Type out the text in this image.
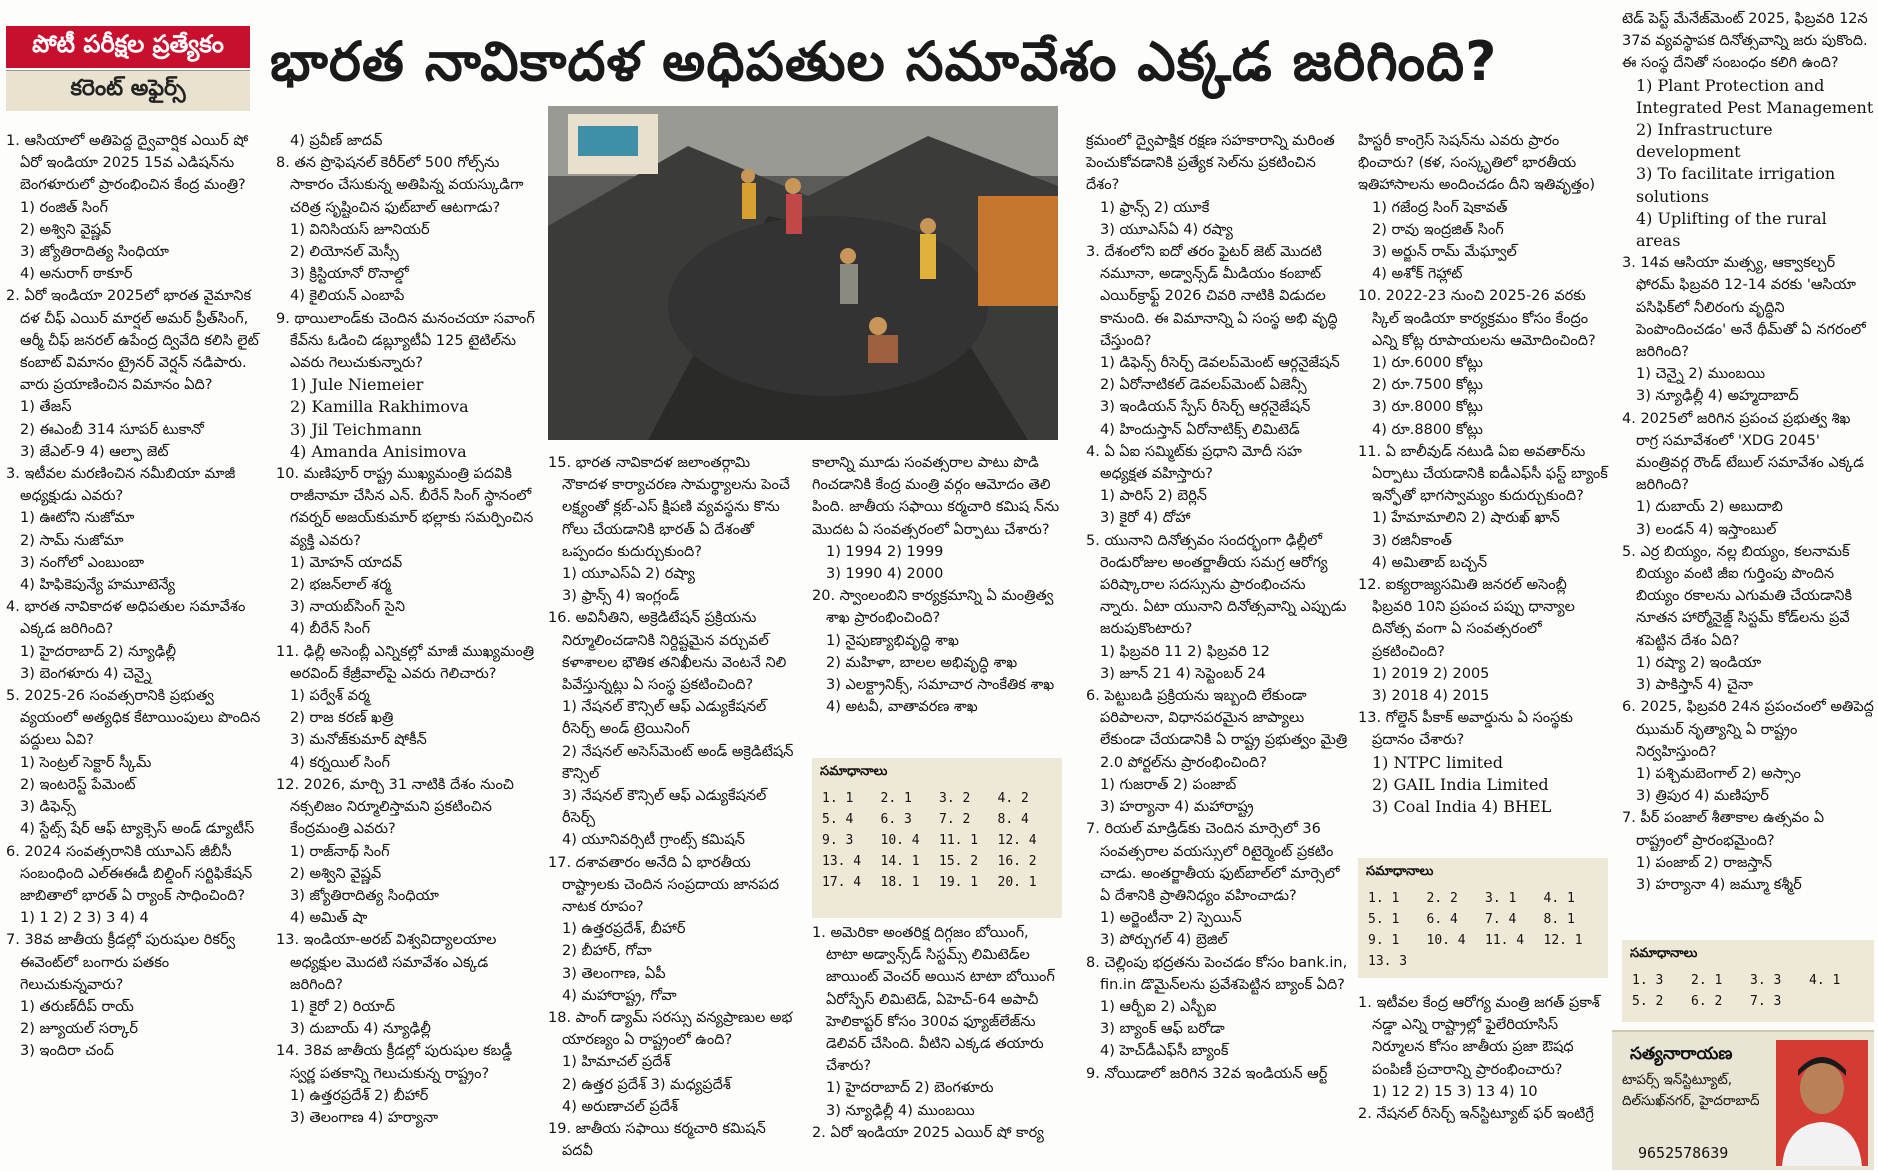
పోటీ పరీక్షల ప్రత్యేకం
కరెంట్ అఫైర్స్	భారత నావికాదళ అధిపతుల సమావేశం ఎక్కడ జరిగింది?

1. ఆసియాలో అతిపెద్ద ద్వైవార్షిక ఎయిర్ షో ఏరో ఇండియా 2025 15వ ఎడిషన్‌ను బెంగళూరులో ప్రారంభించిన కేంద్ర మంత్రి?

1) రంజిత్ సింగ్

2) అశ్విని వైష్ణవ్

3) జ్యోతిరాదిత్య సింధియా

4) అనురాగ్ ఠాకూర్

2. ఏరో ఇండియా 2025లో భారత వైమానిక దళ చీఫ్ ఎయిర్ మార్షల్ అమర్ ప్రీత్‌సింగ్, ఆర్మీ చీఫ్ జనరల్ ఉపేంద్ర ద్వివేది కలిసి లైట్ కంబాట్ విమానం ట్రైనర్ వెర్షన్ నడిపారు. వారు ప్రయాణించిన విమానం ఏది?

1) తేజస్

2) ఈఎంబీ 314 సూపర్ టుకానో

3) జేఎల్-9 4) ఆల్ఫా జెట్

3. ఇటీవల మరణించిన నమీబియా మాజీ అధ్యక్షుడు ఎవరు?

1) ఊటోని నుజోమా

2) సామ్ నుజోమా

3) నంగోలో ఎంబుంబా

4) హిఫికెపున్యే హమూటెన్యే

4. భారత నావికాదళ అధిపతుల సమావేశం ఎక్కడ జరిగింది?

1) హైదరాబాద్ 2) న్యూఢిల్లీ

3) బెంగళూరు 4) చెన్నై

5. 2025-26 సంవత్సరానికి ప్రభుత్వ వ్యయంలో అత్యధిక కేటాయింపులు పొందిన పద్దులు ఏవి?

1) సెంట్రల్ సెక్టార్ స్కీమ్

2) ఇంటరెస్ట్ పేమెంట్

3) డిఫెన్స్

4) స్టేట్స్ షేర్ ఆఫ్ ట్యాక్సెస్ అండ్ డ్యూటీస్

6. 2024 సంవత్సరానికి యూఎస్ జీబీసీ సంబంధింది ఎల్ఈఈడీ బిల్డింగ్ సర్టిఫికేషన్ జాబితాలో భారత్ ఏ ర్యాంక్ సాధించింది?

1) 1 2) 2 3) 3 4) 4

7. 38వ జాతీయ క్రీడల్లో పురుషుల రికర్వ్ ఈవెంట్‌లో బంగారు పతకం గెలుచుకున్నవారు?

1) తరుణ్‌దీప్ రాయ్

2) జ్యూయల్ సర్కార్

3) ఇందిరా చంద్

4) ప్రవీణ్ జాదవ్

8. తన ప్రొఫెషనల్ కెరీర్‌లో 500 గోల్స్‌ను సాకారం చేసుకున్న అతిపిన్న వయస్కుడిగా చరిత్ర సృష్టించిన ఫుట్‌బాల్ ఆటగాడు?

1) వినిసియస్ జూనియర్

2) లియోనల్ మెస్సీ

3) క్రిస్టియానో రొనాల్డో

4) కైలియన్ ఎంబాపే

9. థాయిలాండ్‌కు చెందిన మనంచయా సవాంగ్ కేవ్‌ను ఓడించి డబ్ల్యూటీఏ 125 టైటిల్‌ను ఎవరు గెలుచుకున్నారు?

1) Jule Niemeier

2) Kamilla Rakhimova

3) Jil Teichmann

4) Amanda Anisimova

10. మణిపూర్ రాష్ట్ర ముఖ్యమంత్రి పదవికి రాజీనామా చేసిన ఎన్. బీరేన్ సింగ్ స్థానంలో గవర్నర్ అజయ్‌కుమార్ భల్లాకు సమర్పించిన వ్యక్తి ఎవరు?

1) మోహన్ యాదవ్

2) భజన్‌లాల్ శర్మ

3) నాయబ్‌సింగ్ సైని

4) బీరేన్ సింగ్

11. ఢిల్లీ అసెంబ్లీ ఎన్నికల్లో మాజీ ముఖ్యమంత్రి అరవింద్ కేజ్రీవాల్‌పై ఎవరు గెలిచారు?

1) పర్వేశ్ వర్మ

2) రాజ కరణ్ ఖత్రి

3) మనోజ్‌కుమార్ షోకీన్

4) కర్నయిల్ సింగ్

12. 2026, మార్చి 31 నాటికి దేశం నుంచి నక్సలిజం నిర్మూలిస్తామని ప్రకటించిన కేంద్రమంత్రి ఎవరు?

1) రాజ్‌నాథ్ సింగ్

2) అశ్విని వైష్ణవ్

3) జ్యోతిరాదిత్య సింధియా

4) అమిత్ షా

13. ఇండియా-అరబ్ విశ్వవిద్యాలయాల అధ్యక్షుల మొదటి సమావేశం ఎక్కడ జరిగింది?

1) కైరో 2) రియాద్

3) దుబాయ్ 4) న్యూఢిల్లీ

14. 38వ జాతీయ క్రీడల్లో పురుషుల కబడ్డీ స్వర్ణ పతకాన్ని గెలుచుకున్న రాష్ట్రం?

1) ఉత్తరప్రదేశ్ 2) బీహార్

3) తెలంగాణ 4) హర్యానా

15. భారత నావికాదళ జలాంతర్గామి నౌకాదళ కార్యాచరణ సామర్థ్యాలను పెంచే లక్ష్యంతో క్లబ్-ఎస్ క్షిపణి వ్యవస్థను కొను గోలు చేయడానికి భారత్ ఏ దేశంతో ఒప్పందం కుదుర్చుకుంది?

1) యూఎస్ఏ 2) రష్యా

3) ఫ్రాన్స్ 4) ఇంగ్లండ్

16. అవినీతిని, అక్రెడిటేషన్ ప్రక్రియను నిర్మూలించడానికి నిర్దిష్టమైన వర్చువల్ కళాశాలల భౌతిక తనిఖీలను వెంటనే నిలి పివేస్తున్నట్లు ఏ సంస్థ ప్రకటించింది?

1) నేషనల్ కౌన్సిల్ ఆఫ్ ఎడ్యుకేషనల్ రీసెర్చ్ అండ్ ట్రెయినింగ్

2) నేషనల్ అసెస్‌మెంట్ అండ్ అక్రెడిటేషన్ కౌన్సిల్

3) నేషనల్ కౌన్సిల్ ఆఫ్ ఎడ్యుకేషనల్ రీసెర్చ్

4) యూనివర్సిటీ గ్రాంట్స్ కమిషన్

17. దశావతారం అనేది ఏ భారతీయ రాష్ట్రాలకు చెందిన సంప్రదాయ జానపద నాటక రూపం?

1) ఉత్తరప్రదేశ్, బీహార్

2) బీహార్, గోవా

3) తెలంగాణ, ఏపీ

4) మహారాష్ట్ర, గోవా

18. పాంగ్ డ్యామ్ సరస్సు వన్యప్రాణుల అభ యారణ్యం ఏ రాష్ట్రంలో ఉంది?

1) హిమాచల్ ప్రదేశ్

2) ఉత్తర ప్రదేశ్ 3) మధ్యప్రదేశ్

4) అరుణాచల్ ప్రదేశ్

19. జాతీయ సఫాయి కర్మచారి కమిషన్ పదవీ

కాలాన్ని మూడు సంవత్సరాల పాటు పొడి గించడానికి కేంద్ర మంత్రి వర్గం ఆమోదం తెలి పింది. జాతీయ సఫాయి కర్మచారి కమిష న్‌ను మొదట ఏ సంవత్సరంలో ఏర్పాటు చేశారు?

1) 1994 2) 1999

3) 1990 4) 2000

20. స్వాంలంబిని కార్యక్రమాన్ని ఏ మంత్రిత్వ శాఖ ప్రారంభించింది?

1) నైపుణ్యాభివృద్ధి శాఖ

2) మహిళా, బాలల అభివృద్ధి శాఖ

3) ఎలక్ట్రానిక్స్, సమాచార సాంకేతిక శాఖ

4) అటవీ, వాతావరణ శాఖ

సమాధానాలు
1. 1	2. 1	3. 2	4. 2
5. 4	6. 3	7. 2	8. 4
9. 3	10. 4	11. 1	12. 4
13. 4	14. 1	15. 2	16. 2
17. 4	18. 1	19. 1	20. 1

1. అమెరికా అంతరిక్ష దిగ్గజం బోయింగ్, టాటా అడ్వాన్స్‌డ్ సిస్టమ్స్ లిమిటెడ్‌ల జాయింట్ వెంచర్ అయిన టాటా బోయింగ్ ఏరోస్పేస్ లిమిటెడ్, ఏహెచ్-64 అపాచీ హెలికాప్టర్ కోసం 300వ ఫ్యూజ్‌లేజ్‌ను డెలివర్ చేసింది. వీటిని ఎక్కడ తయారు చేశారు?

1) హైదరాబాద్ 2) బెంగళూరు

3) న్యూఢిల్లీ 4) ముంబయి

2. ఏరో ఇండియా 2025 ఎయిర్ షో కార్య

క్రమంలో ద్వైపాక్షిక రక్షణ సహకారాన్ని మరింత పెంచుకోవడానికి ప్రత్యేక సెల్‌ను ప్రకటించిన దేశం?

1) ఫ్రాన్స్ 2) యూకే

3) యూఎస్ఏ 4) రష్యా

3. దేశంలోని ఐదో తరం ఫైటర్ జెట్ మొదటి నమూనా, అడ్వాన్స్‌డ్ మీడియం కంబాట్ ఎయిర్‌క్రాఫ్ట్ 2026 చివరి నాటికి విడుదల కానుంది. ఈ విమానాన్ని ఏ సంస్థ అభి వృద్ధి చేస్తుంది?

1) డిఫెన్స్ రీసెర్చ్ డెవలప్‌మెంట్ ఆర్గనైజేషన్

2) ఏరోనాటికల్ డెవలప్‌మెంట్ ఏజెన్సీ

3) ఇండియన్ స్పేస్ రీసెర్చ్ ఆర్గనైజేషన్

4) హిందుస్తాన్ ఏరోనాటిక్స్ లిమిటెడ్

4. ఏ ఏఐ సమ్మిట్‌కు ప్రధాని మోదీ సహ అధ్యక్షత వహిస్తారు?

1) పారిస్ 2) బెర్లిన్

3) కైరో 4) దోహా

5. యునాని దినోత్సవం సందర్భంగా ఢిల్లీలో రెండురోజుల అంతర్జాతీయ సమగ్ర ఆరోగ్య పరిష్కారాల సదస్సును ప్రారంభించను న్నారు. ఏటా యునాని దినోత్సవాన్ని ఎప్పుడు జరుపుకొంటారు?

1) ఫిబ్రవరి 11 2) ఫిబ్రవరి 12

3) జూన్ 21 4) సెప్టెంబర్ 24

6. పెట్టుబడి ప్రక్రియను ఇబ్బంది లేకుండా పరిపాలనా, విధానపరమైన జాప్యాలు లేకుండా చేయడానికి ఏ రాష్ట్ర ప్రభుత్వం మైత్రి 2.0 పోర్టల్‌ను ప్రారంభించింది?

1) గుజరాత్ 2) పంజాబ్

3) హర్యానా 4) మహారాష్ట్ర

7. రియల్ మాడ్రిడ్‌కు చెందిన మార్సెలో 36 సంవత్సరాల వయస్సులో రిటైర్మెంట్ ప్రకటిం చాడు. అంతర్జాతీయ ఫుట్‌బాల్‌లో మార్సెలో ఏ దేశానికి ప్రాతినిధ్యం వహించాడు?

1) అర్జెంటీనా 2) స్పెయిన్

3) పోర్చుగల్ 4) బ్రెజిల్

8. చెల్లింపు భద్రతను పెంచడం కోసం bank.in, fin.in డొమైన్‌లను ప్రవేశపెట్టిన బ్యాంక్ ఏది?

1) ఆర్బీఐ 2) ఎస్బీఐ

3) బ్యాంక్ ఆఫ్ బరోడా

4) హెచ్‌డీఎఫ్‌సీ బ్యాంక్

9. నోయిడాలో జరిగిన 32వ ఇండియన్ ఆర్ట్

హిస్టరీ కాంగ్రెస్ సెషన్‌ను ఎవరు ప్రారం భించారు? (కళ, సంస్కృతిలో భారతీయ ఇతిహాసాలను అందించడం దీని ఇతివృత్తం)

1) గజేంద్ర సింగ్ షెకావత్

2) రావు ఇంద్రజిత్ సింగ్

3) అర్జున్ రామ్ మేఘ్వాల్

4) అశోక్ గెహ్లాట్

10. 2022-23 నుంచి 2025-26 వరకు స్కిల్ ఇండియా కార్యక్రమం కోసం కేంద్రం ఎన్ని కోట్ల రూపాయలను ఆమోదించింది?

1) రూ.6000 కోట్లు

2) రూ.7500 కోట్లు

3) రూ.8000 కోట్లు

4) రూ.8800 కోట్లు

11. ఏ బాలీవుడ్ నటుడి ఏఐ అవతార్‌ను ఏర్పాటు చేయడానికి ఐడీఎఫ్‌సీ ఫస్ట్ బ్యాంక్ ఇన్ఫోతో భాగస్వామ్యం కుదుర్చుకుంది?

1) హేమామాలిని 2) షారుఖ్ ఖాన్

3) రజినీకాంత్

4) అమితాబ్ బచ్చన్

12. ఐక్యరాజ్యసమితి జనరల్ అసెంబ్లీ ఫిబ్రవరి 10ని ప్రపంచ పప్పు ధాన్యాల దినోత్స వంగా ఏ సంవత్సరంలో ప్రకటించింది?

1) 2019 2) 2005

3) 2018 4) 2015

13. గోల్డెన్ పీకాక్ అవార్డును ఏ సంస్థకు ప్రదానం చేశారు?

1) NTPC limited

2) GAIL India Limited

3) Coal India 4) BHEL

సమాధానాలు
1. 1	2. 2	3. 1	4. 1
5. 1	6. 4	7. 4	8. 1
9. 1	10. 4	11. 4	12. 1
13. 3			

1. ఇటీవల కేంద్ర ఆరోగ్య మంత్రి జగత్ ప్రకాశ్ నడ్డా ఎన్ని రాష్ట్రాల్లో ఫైలేరియాసిస్ నిర్మూలన కోసం జాతీయ ప్రజా ఔషధ పంపిణీ ప్రచారాన్ని ప్రారంభించారు?

1) 12 2) 15 3) 13 4) 10

2. నేషనల్ రీసెర్చ్ ఇన్‌స్టిట్యూట్ ఫర్ ఇంటిగ్రే

టెడ్ పెస్ట్ మేనేజ్‌మెంట్ 2025, ఫిబ్రవరి 12న 37వ వ్యవస్థాపక దినోత్సవాన్ని జరు పుకొంది. ఈ సంస్థ దేనితో సంబంధం కలిగి ఉంది?

1) Plant Protection and Integrated Pest Management

2) Infrastructure development

3) To facilitate irrigation solutions

4) Uplifting of the rural areas

3. 14వ ఆసియా మత్స్య, ఆక్వాకల్చర్ ఫోరమ్ ఫిబ్రవరి 12-14 వరకు 'ఆసియా పసిఫిక్‌లో నీలిరంగు వృద్ధిని పెంపొందించడం' అనే థీమ్‌తో ఏ నగరంలో జరిగింది?

1) చెన్నై 2) ముంబయి

3) న్యూఢిల్లీ 4) అహ్మదాబాద్

4. 2025లో జరిగిన ప్రపంచ ప్రభుత్వ శిఖ రాగ్ర సమావేశంలో 'XDG 2045' మంత్రివర్గ రౌండ్ టేబుల్ సమావేశం ఎక్కడ జరిగింది?

1) దుబాయ్ 2) అబుదాబి

3) లండన్ 4) ఇస్తాంబుల్

5. ఎర్ర బియ్యం, నల్ల బియ్యం, కలనామక్ బియ్యం వంటి జీఐ గుర్తింపు పొందిన బియ్యం రకాలను ఎగుమతి చేయడానికి నూతన హార్మోనైజ్డ్ సిస్టమ్ కోడ్‌లను ప్రవే శపెట్టిన దేశం ఏది?

1) రష్యా 2) ఇండియా

3) పాకిస్తాన్ 4) చైనా

6. 2025, ఫిబ్రవరి 24న ప్రపంచంలో అతిపెద్ద ఝుమర్ నృత్యాన్ని ఏ రాష్ట్రం నిర్వహిస్తుంది?

1) పశ్చిమబెంగాల్ 2) అస్సాం

3) త్రిపుర 4) మణిపూర్

7. పీర్ పంజాల్ శీతాకాల ఉత్సవం ఏ రాష్ట్రంలో ప్రారంభమైంది?

1) పంజాబ్ 2) రాజస్తాన్

3) హర్యానా 4) జమ్మూ కశ్మీర్

సమాధానాలు
1. 3	2. 1	3. 3	4. 1
5. 2	6. 2	7. 3	
సత్యనారాయణ
టాపర్స్ ఇన్‌స్టిట్యూట్, దిల్‌సుఖ్‌నగర్, హైదరాబాద్
9652578639
